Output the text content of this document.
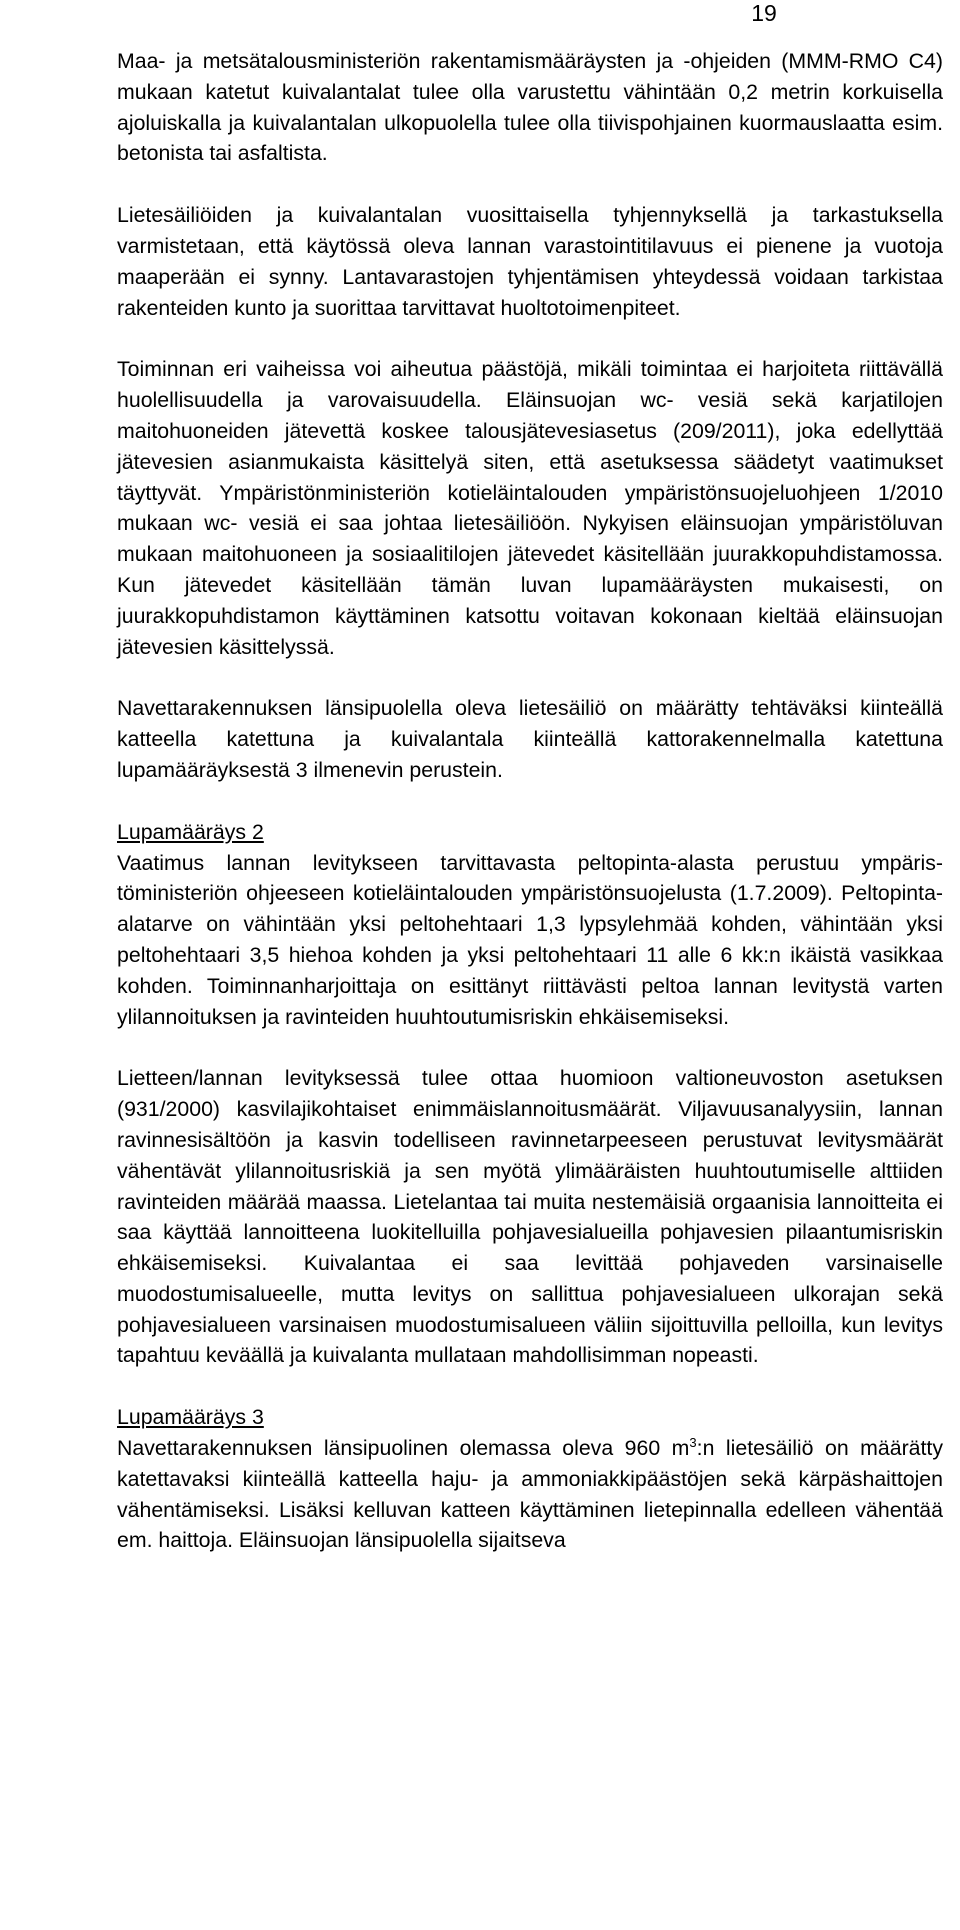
19

Maa- ja metsätalousministeriön rakentamismääräysten ja -ohjeiden (MMM-RMO C4) mukaan katetut kuivalantalat tulee olla varustettu vähintään 0,2 metrin korkuisella ajoluiskalla ja kuivalantalan ulkopuolella tulee olla tiivispohjainen kuormauslaatta esim. betonista tai asfaltista.

Lietesäiliöiden ja kuivalantalan vuosittaisella tyhjennyksellä ja tarkastuksella varmistetaan, että käytössä oleva lannan varastointitilavuus ei pienene ja vuotoja maaperään ei synny. Lantavarastojen tyhjentämisen yhteydessä voidaan tarkistaa rakenteiden kunto ja suorittaa tarvittavat huoltotoimenpiteet.

Toiminnan eri vaiheissa voi aiheutua päästöjä, mikäli toimintaa ei harjoiteta riittävällä huolellisuudella ja varovaisuudella. Eläinsuojan wc- vesiä sekä karjatilojen maitohuoneiden jätevettä koskee talousjätevesiasetus (209/2011), joka edellyttää jätevesien asianmukaista käsittelyä siten, että asetuksessa säädetyt vaatimukset täyttyvät. Ympäristönministeriön kotieläintalouden ympäristönsuojeluohjeen 1/2010 mukaan wc- vesiä ei saa johtaa lietesäiliöön. Nykyisen eläinsuojan ympäristöluvan mukaan maitohuoneen ja sosiaalitilojen jätevedet käsitellään juurakkopuhdistamossa. Kun jätevedet käsitellään tämän luvan lupamääräysten mukaisesti, on juurakkopuhdistamon käyttäminen katsottu voitavan kokonaan kieltää eläinsuojan jätevesien käsittelyssä.

Navettarakennuksen länsipuolella oleva lietesäiliö on määrätty tehtäväksi kiinteällä katteella katettuna ja kuivalantala kiinteällä kattorakennelmalla katettuna lupamääräyksestä 3 ilmenevin perustein.

Lupamääräys 2

Vaatimus lannan levitykseen tarvittavasta peltopinta-alasta perustuu ympäristöministeriön ohjeeseen kotieläintalouden ympäristönsuojelusta (1.7.2009). Peltopinta-alatarve on vähintään yksi peltohehtaari 1,3 lypsylehmää kohden, vähintään yksi peltohehtaari 3,5 hiehoa kohden ja yksi peltohehtaari 11 alle 6 kk:n ikäistä vasikkaa kohden. Toiminnanharjoittaja on esittänyt riittävästi peltoa lannan levitystä varten ylilannoituksen ja ravinteiden huuhtoutumisriskin ehkäisemiseksi.

Lietteen/lannan levityksessä tulee ottaa huomioon valtioneuvoston asetuksen (931/2000) kasvilajikohtaiset enimmäislannoitusmäärät. Viljavuusanalyysiin, lannan ravinnesisältöön ja kasvin todelliseen ravinnetarpeeseen perustuvat levitysmäärät vähentävät ylilannoitusriskiä ja sen myötä ylimääräisten huuhtoutumiselle alttiiden ravinteiden määrää maassa. Lietelantaa tai muita nestemäisiä orgaanisia lannoitteita ei saa käyttää lannoitteena luokitelluilla pohjavesialueilla pohjavesien pilaantumisriskin ehkäisemiseksi. Kuivalantaa ei saa levittää pohjaveden varsinaiselle muodostumisalueelle, mutta levitys on sallittua pohjavesialueen ulkorajan sekä pohjavesialueen varsinaisen muodostumisalueen väliin sijoittuvilla pelloilla, kun levitys tapahtuu keväällä ja kuivalanta mullataan mahdollisimman nopeasti.

Lupamääräys 3

Navettarakennuksen länsipuolinen olemassa oleva 960 $m^3:n$ lietesäiliö on määrätty katettavaksi kiinteällä katteella haju- ja ammoniakkipäästöjen sekä kärpäshaittojen vähentämiseksi. Lisäksi kelluvan katteen käyttäminen lietepinnalla edelleen vähentää em. haittoja. Eläinsuojan länsipuolella sijaitseva
